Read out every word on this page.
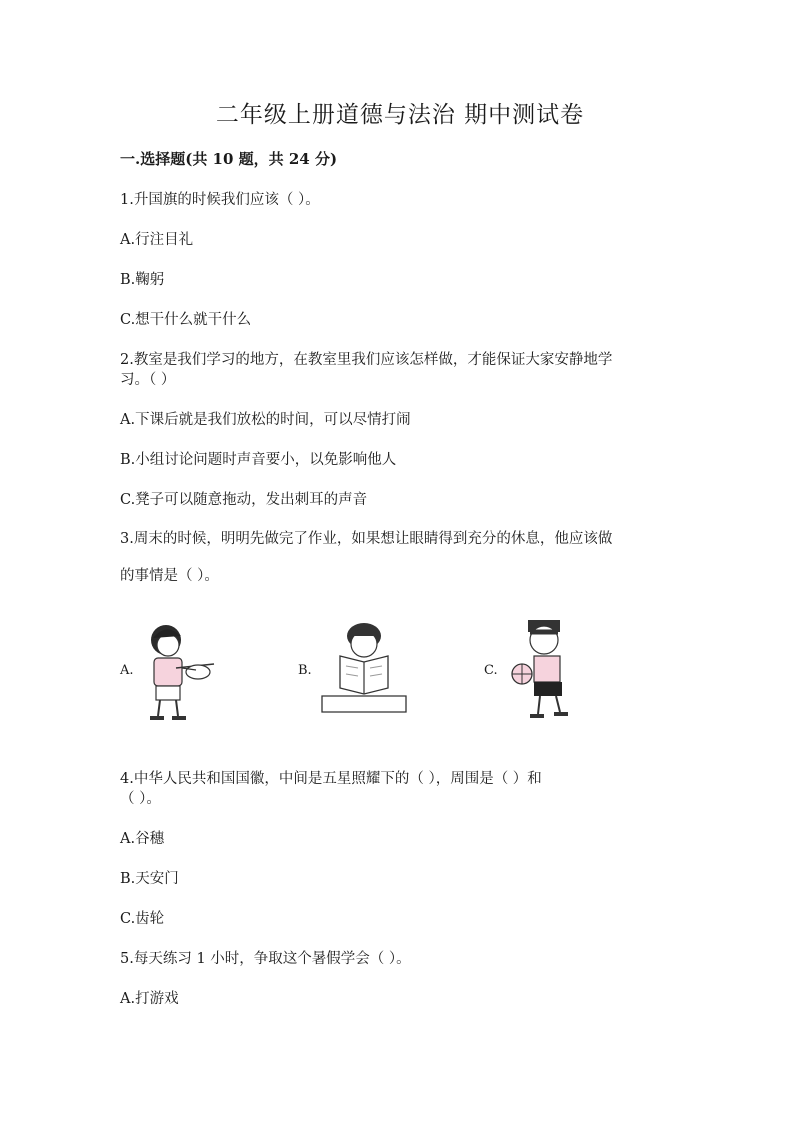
二年级上册道德与法治 期中测试卷
一.选择题(共 10 题，共 24 分)
1.升国旗的时候我们应该（ ）。
A.行注目礼
B.鞠躬
C.想干什么就干什么
2.教室是我们学习的地方，在教室里我们应该怎样做，才能保证大家安静地学
习。（ ）
A.下课后就是我们放松的时间，可以尽情打闹
B.小组讨论问题时声音要小，以免影响他人
C.凳子可以随意拖动，发出刺耳的声音
3.周末的时候，明明先做完了作业，如果想让眼睛得到充分的休息，他应该做
的事情是（ ）。
A.	B.	C.
4.中华人民共和国国徽，中间是五星照耀下的（ ），周围是（ ）和
（ ）。
A.谷穗
B.天安门
C.齿轮
5.每天练习 1 小时，争取这个暑假学会（ ）。
A.打游戏
